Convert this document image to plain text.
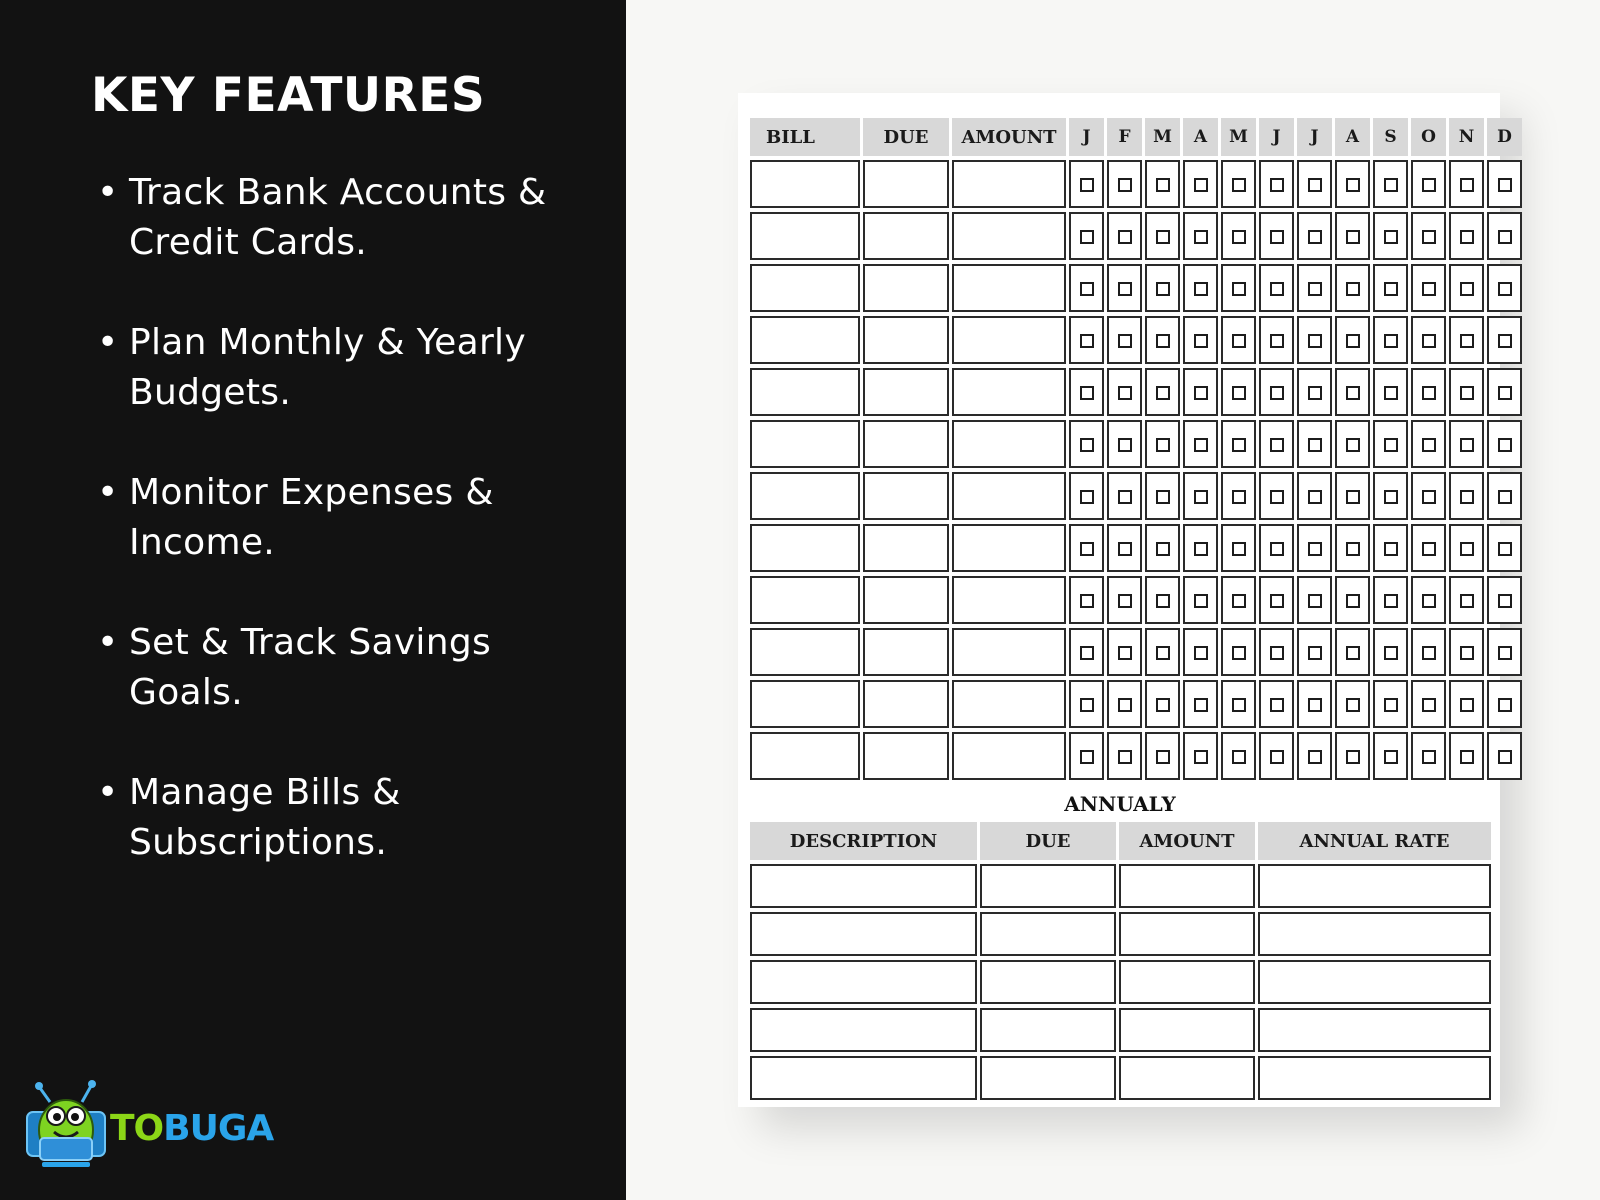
KEY FEATURES
• Track Bank Accounts & Credit Cards.
• Plan Monthly & Yearly Budgets.
• Monitor Expenses & Income.
• Set & Track Savings Goals.
• Manage Bills & Subscriptions.
TOBUGA
BILL	DUE	AMOUNT	J	F	M	A	M	J	J	A	S	O	N	D

ANNUALY
DESCRIPTION	DUE	AMOUNT	ANNUAL RATE
